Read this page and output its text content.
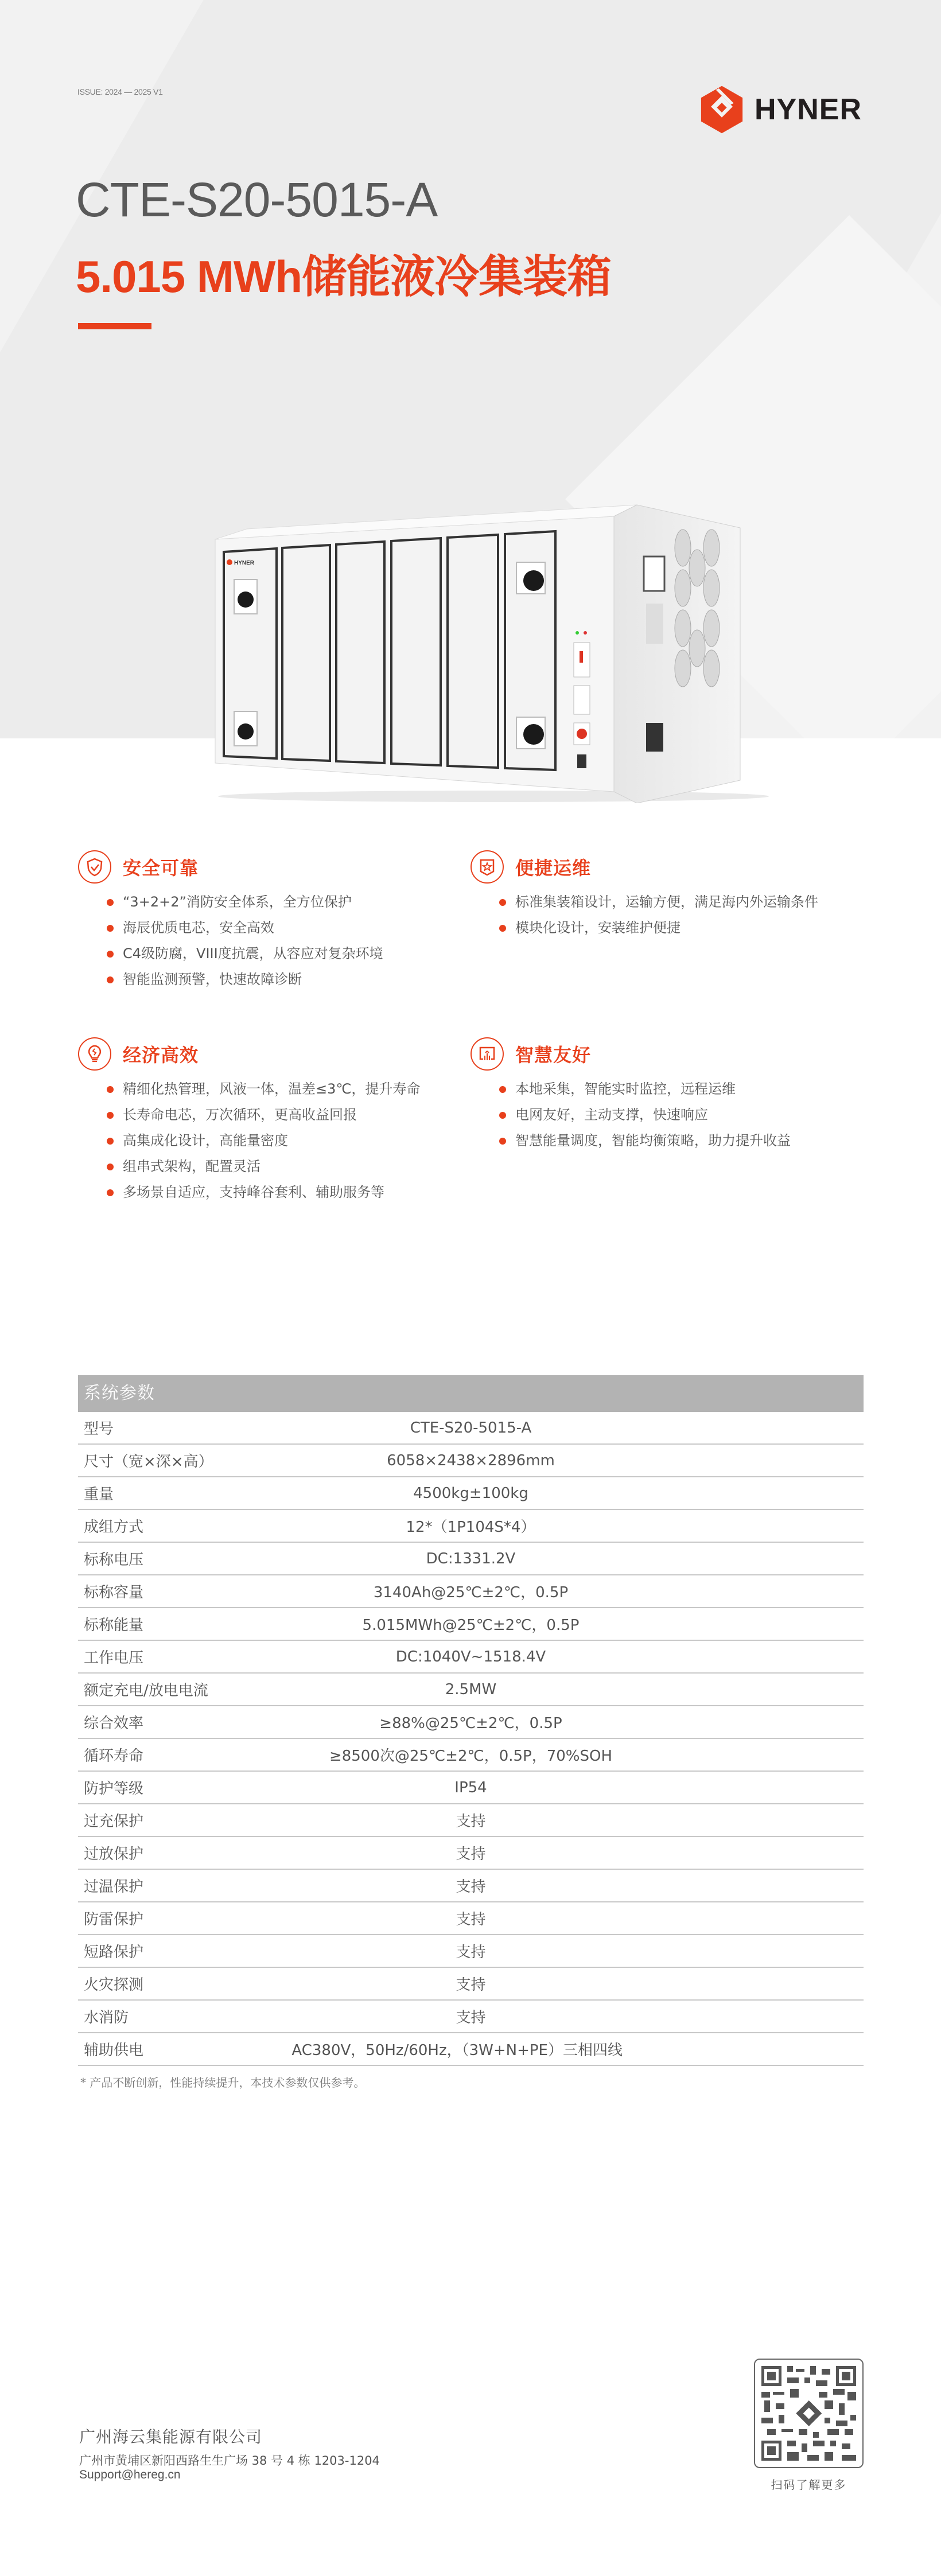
ISSUE: 2024 — 2025 V1
HYNER
CTE-S20-5015-A
5.015 MWh储能液冷集装箱
HYNER
安全可靠
“3+2+2”消防安全体系，全方位保护
海辰优质电芯，安全高效
C4级防腐，VIII度抗震，从容应对复杂环境
智能监测预警，快速故障诊断
便捷运维
标准集装箱设计，运输方便，满足海内外运输条件
模块化设计，安装维护便捷
经济高效
精细化热管理，风液一体，温差≤3℃，提升寿命
长寿命电芯，万次循环，更高收益回报
高集成化设计，高能量密度
组串式架构，配置灵活
多场景自适应，支持峰谷套利、辅助服务等
智慧友好
本地采集，智能实时监控，远程运维
电网友好，主动支撑，快速响应
智慧能量调度，智能均衡策略，助力提升收益
系统参数
型号	CTE-S20-5015-A
尺寸（宽×深×高）	6058×2438×2896mm
重量	4500kg±100kg
成组方式	12*（1P104S*4）
标称电压	DC:1331.2V
标称容量	3140Ah@25℃±2℃，0.5P
标称能量	5.015MWh@25℃±2℃，0.5P
工作电压	DC:1040V~1518.4V
额定充电/放电电流	2.5MW
综合效率	≥88%@25℃±2℃，0.5P
循环寿命	≥8500次@25℃±2℃，0.5P，70%SOH
防护等级	IP54
过充保护	支持
过放保护	支持
过温保护	支持
防雷保护	支持
短路保护	支持
火灾探测	支持
水消防	支持
辅助供电	AC380V，50Hz/60Hz，（3W+N+PE）三相四线
* 产品不断创新，性能持续提升，本技术参数仅供参考。
广州海云集能源有限公司
广州市黄埔区新阳西路生生广场 38 号 4 栋 1203-1204
Support@hereg.cn
扫码了解更多
